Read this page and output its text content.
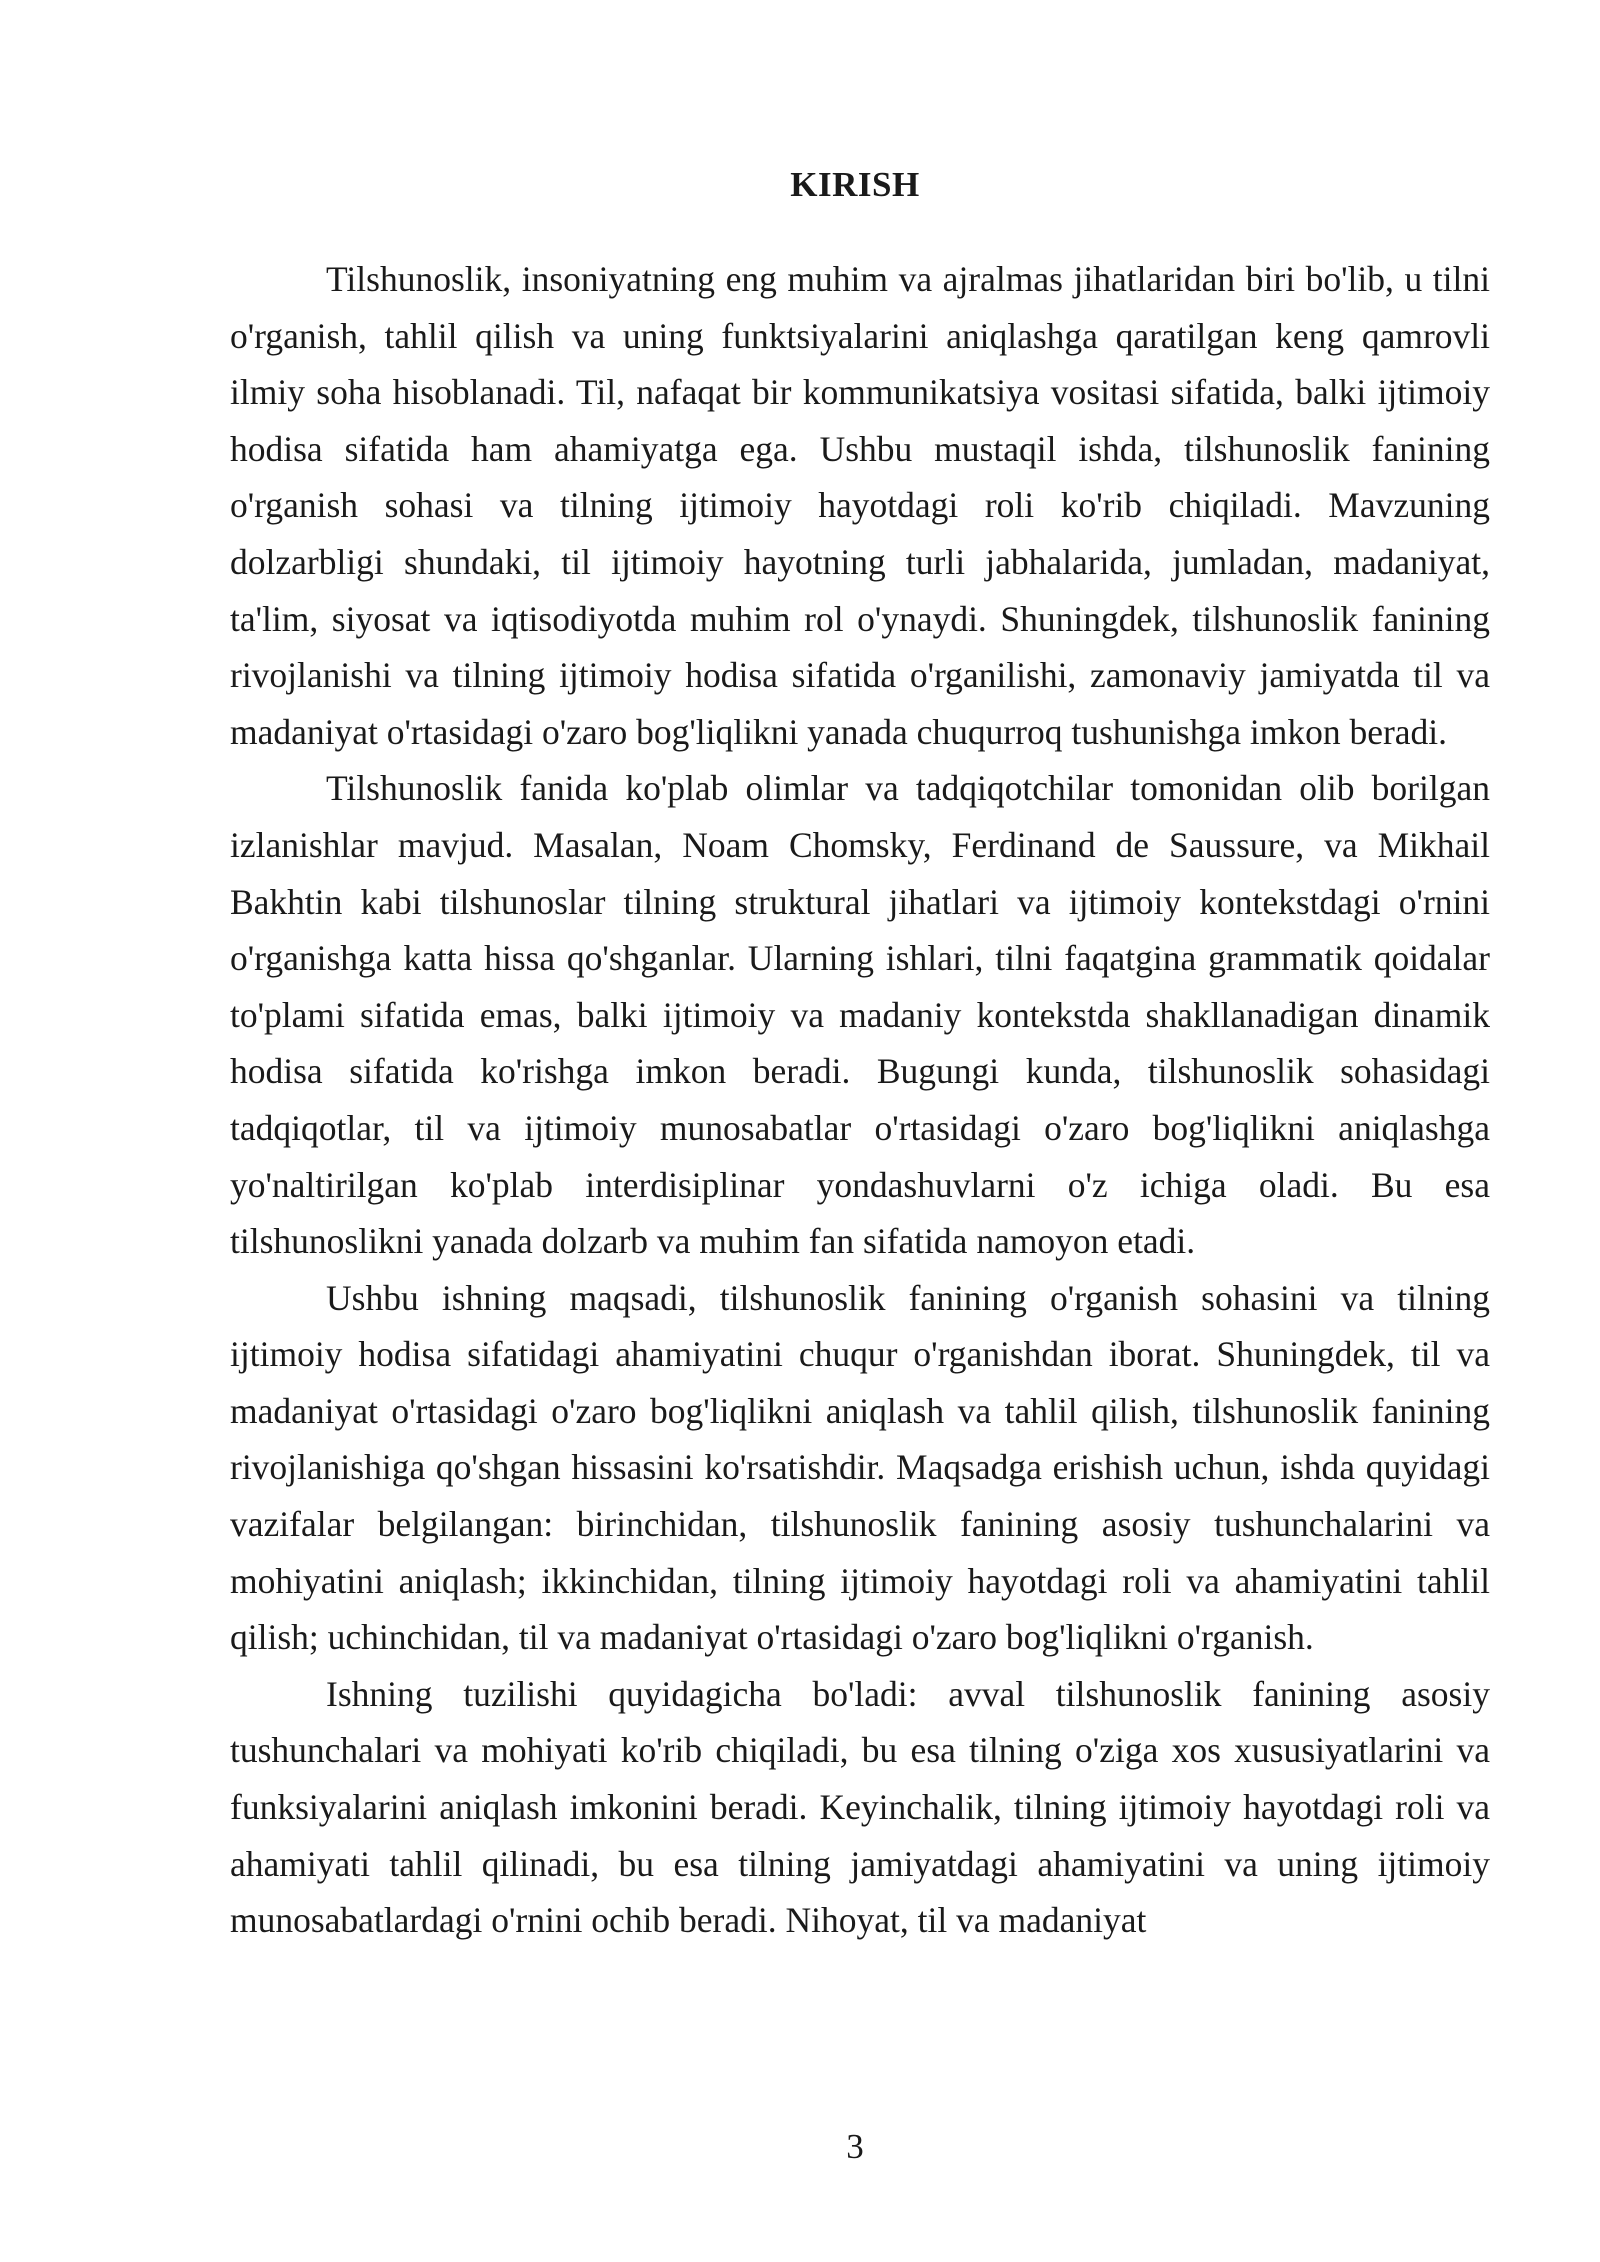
KIRISH

Tilshunoslik, insoniyatning eng muhim va ajralmas jihatlaridan biri bo'lib, u tilni o'rganish, tahlil qilish va uning funktsiyalarini aniqlashga qaratilgan keng qamrovli ilmiy soha hisoblanadi. Til, nafaqat bir kommunikatsiya vositasi sifatida, balki ijtimoiy hodisa sifatida ham ahamiyatga ega. Ushbu mustaqil ishda, tilshunoslik fanining o'rganish sohasi va tilning ijtimoiy hayotdagi roli ko'rib chiqiladi. Mavzuning dolzarbligi shundaki, til ijtimoiy hayotning turli jabhalarida, jumladan, madaniyat, ta'lim, siyosat va iqtisodiyotda muhim rol o'ynaydi. Shuningdek, tilshunoslik fanining rivojlanishi va tilning ijtimoiy hodisa sifatida o'rganilishi, zamonaviy jamiyatda til va madaniyat o'rtasidagi o'zaro bog'liqlikni yanada chuqurroq tushunishga imkon beradi.

Tilshunoslik fanida ko'plab olimlar va tadqiqotchilar tomonidan olib borilgan izlanishlar mavjud. Masalan, Noam Chomsky, Ferdinand de Saussure, va Mikhail Bakhtin kabi tilshunoslar tilning struktural jihatlari va ijtimoiy kontekstdagi o'rnini o'rganishga katta hissa qo'shganlar. Ularning ishlari, tilni faqatgina grammatik qoidalar to'plami sifatida emas, balki ijtimoiy va madaniy kontekstda shakllanadigan dinamik hodisa sifatida ko'rishga imkon beradi. Bugungi kunda, tilshunoslik sohasidagi tadqiqotlar, til va ijtimoiy munosabatlar o'rtasidagi o'zaro bog'liqlikni aniqlashga yo'naltirilgan ko'plab interdisiplinar yondashuvlarni o'z ichiga oladi. Bu esa tilshunoslikni yanada dolzarb va muhim fan sifatida namoyon etadi.

Ushbu ishning maqsadi, tilshunoslik fanining o'rganish sohasini va tilning ijtimoiy hodisa sifatidagi ahamiyatini chuqur o'rganishdan iborat. Shuningdek, til va madaniyat o'rtasidagi o'zaro bog'liqlikni aniqlash va tahlil qilish, tilshunoslik fanining rivojlanishiga qo'shgan hissasini ko'rsatishdir. Maqsadga erishish uchun, ishda quyidagi vazifalar belgilangan: birinchidan, tilshunoslik fanining asosiy tushunchalarini va mohiyatini aniqlash; ikkinchidan, tilning ijtimoiy hayotdagi roli va ahamiyatini tahlil qilish; uchinchidan, til va madaniyat o'rtasidagi o'zaro bog'liqlikni o'rganish.

Ishning tuzilishi quyidagicha bo'ladi: avval tilshunoslik fanining asosiy tushunchalari va mohiyati ko'rib chiqiladi, bu esa tilning o'ziga xos xususiyatlarini va funksiyalarini aniqlash imkonini beradi. Keyinchalik, tilning ijtimoiy hayotdagi roli va ahamiyati tahlil qilinadi, bu esa tilning jamiyatdagi ahamiyatini va uning ijtimoiy munosabatlardagi o'rnini ochib beradi. Nihoyat, til va madaniyat

3
